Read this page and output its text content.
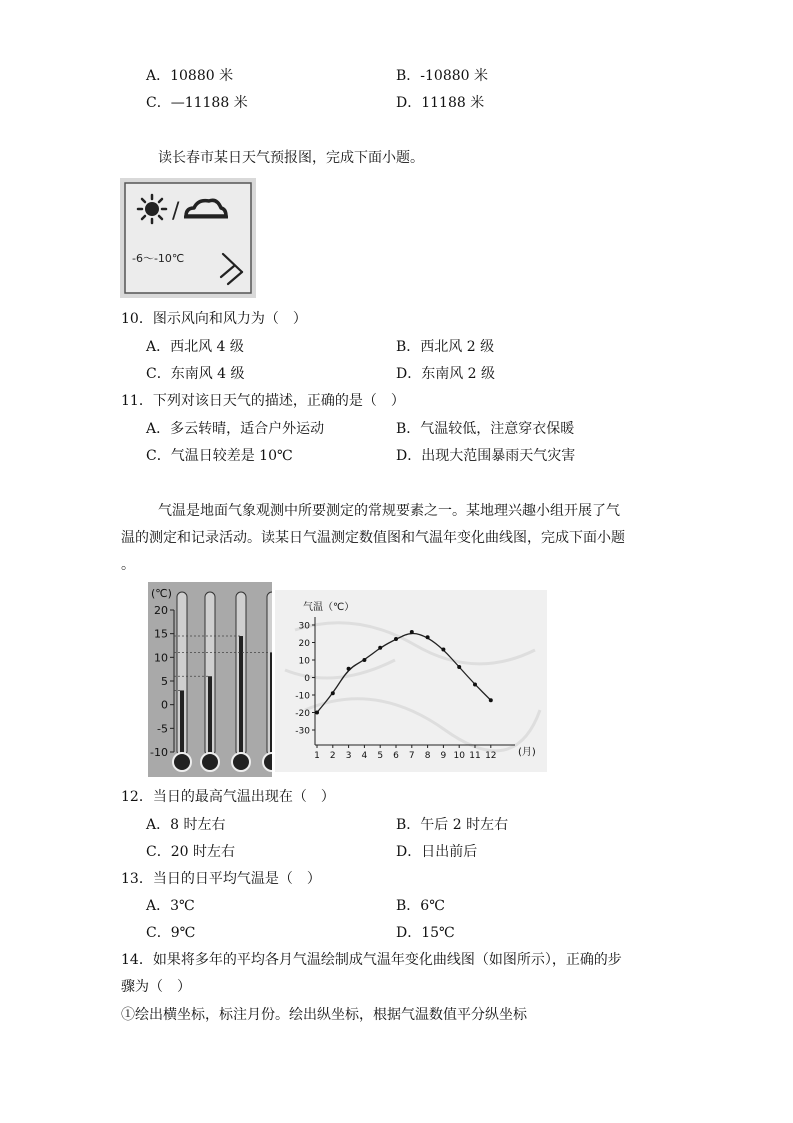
A．10880 米	B．-10880 米
C．—11188 米	D．11188 米
读长春市某日天气预报图，完成下面小题。
/
-6～-10℃
10．图示风向和风力为（　）
A．西北风 4 级	B．西北风 2 级
C．东南风 4 级	D．东南风 2 级
11．下列对该日天气的描述，正确的是（　）
A．多云转晴，适合户外运动	B．气温较低，注意穿衣保暖
C．气温日较差是 10℃	D．出现大范围暴雨天气灾害
气温是地面气象观测中所要测定的常规要素之一。某地理兴趣小组开展了气
温的测定和记录活动。读某日气温测定数值图和气温年变化曲线图，完成下面小题
。
(℃)
20
15
10
5
0
-5
-10
气温（℃）
(月)
30
20
10
0
-10
-20
-30
1 2 3 4 5 6 7 8 9 10 11 12
12．当日的最高气温出现在（　）
A．8 时左右	B．午后 2 时左右
C．20 时左右	D．日出前后
13．当日的日平均气温是（　）
A．3℃	B．6℃
C．9℃	D．15℃
14．如果将多年的平均各月气温绘制成气温年变化曲线图（如图所示），正确的步
骤为（　）
①绘出横坐标，标注月份。绘出纵坐标，根据气温数值平分纵坐标
